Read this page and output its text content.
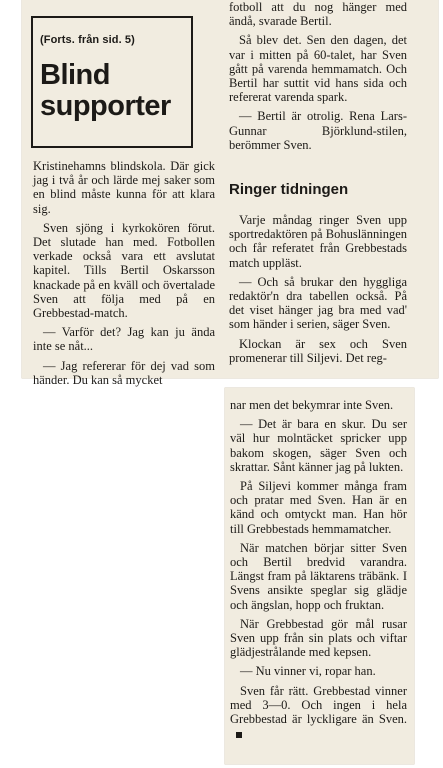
(Forts. från sid. 5)
Blind supporter

Kristinehamns blindskola. Där gick jag i två år och lärde mej saker som en blind måste kunna för att klara sig.

Sven sjöng i kyrkokören förut. Det slutade han med. Fotbollen verkade också vara ett avslutat kapitel. Tills Bertil Oskarsson knackade på en kväll och övertalade Sven att följa med på en Grebbestad-match.

— Varför det? Jag kan ju ända inte se nåt...

— Jag refererar för dej vad som händer. Du kan så mycket

fotboll att du nog hänger med ändå, svarade Bertil.

Så blev det. Sen den dagen, det var i mitten på 60-talet, har Sven gått på varenda hemmamatch. Och Bertil har suttit vid hans sida och refererat varenda spark.

— Bertil är otrolig. Rena Lars-Gunnar Björklund-stilen, berömmer Sven.

Ringer tidningen

Varje måndag ringer Sven upp sportredaktören på Bohuslänningen och får referatet från Grebbestads match uppläst.

— Och så brukar den hyggliga redaktör'n dra tabellen också. På det viset hänger jag bra med vad' som händer i serien, säger Sven.

Klockan är sex och Sven promenerar till Siljevi. Det reg-

nar men det bekymrar inte Sven.

— Det är bara en skur. Du ser väl hur molntäcket spricker upp bakom skogen, säger Sven och skrattar. Sånt känner jag på lukten.

På Siljevi kommer många fram och pratar med Sven. Han är en känd och omtyckt man. Han hör till Grebbestads hemmamatcher.

När matchen börjar sitter Sven och Bertil bredvid varandra. Längst fram på läktarens träbänk. I Svens ansikte speglar sig glädje och ängslan, hopp och fruktan.

När Grebbestad gör mål rusar Sven upp från sin plats och viftar glädjestrålande med kepsen.

— Nu vinner vi, ropar han.

Sven får rätt. Grebbestad vinner med 3—0. Och ingen i hela Grebbestad är lyckligare än Sven.
